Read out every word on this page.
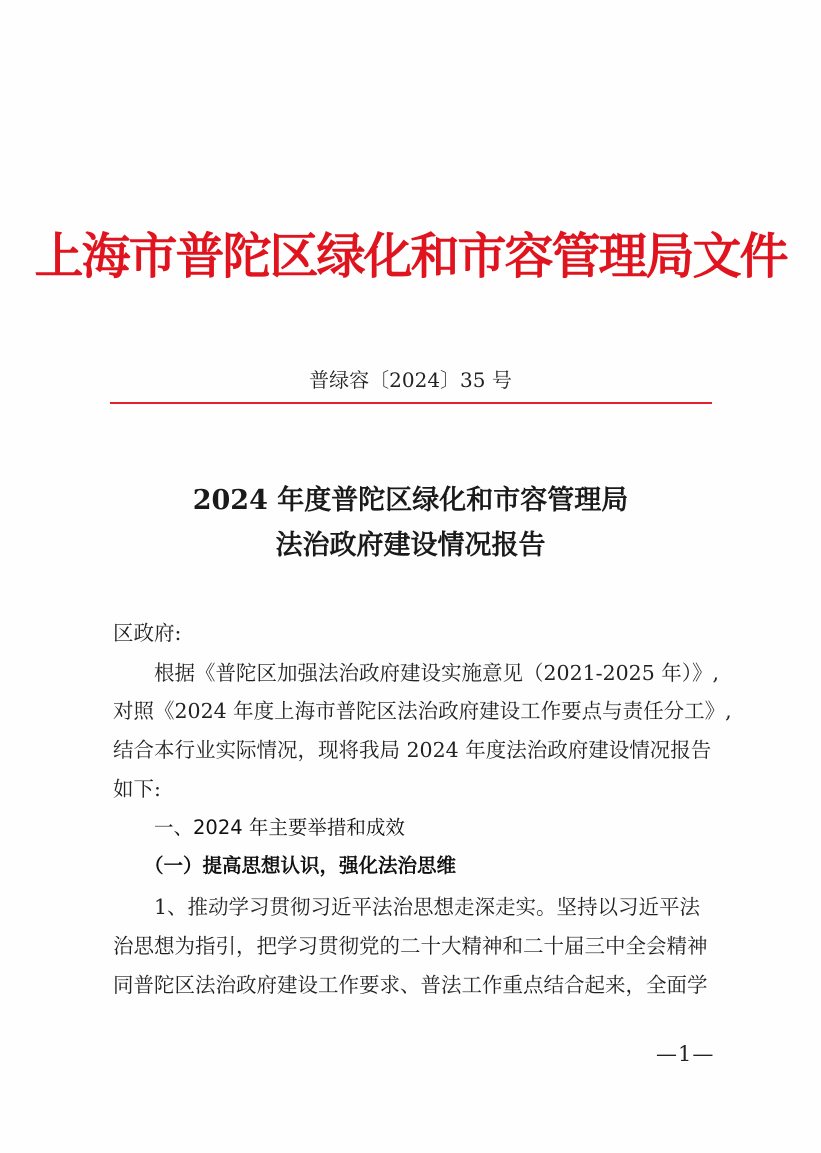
上海市普陀区绿化和市容管理局文件
普绿容〔2024〕35 号
2024 年度普陀区绿化和市容管理局
法治政府建设情况报告
区政府:
根据《普陀区加强法治政府建设实施意见（2021-2025 年）》,
对照《2024 年度上海市普陀区法治政府建设工作要点与责任分工》,
结合本行业实际情况，现将我局 2024 年度法治政府建设情况报告
如下:
一、2024 年主要举措和成效
（一）提高思想认识，强化法治思维
1、推动学习贯彻习近平法治思想走深走实。坚持以习近平法
治思想为指引，把学习贯彻党的二十大精神和二十届三中全会精神
同普陀区法治政府建设工作要求、普法工作重点结合起来，全面学
—1—
